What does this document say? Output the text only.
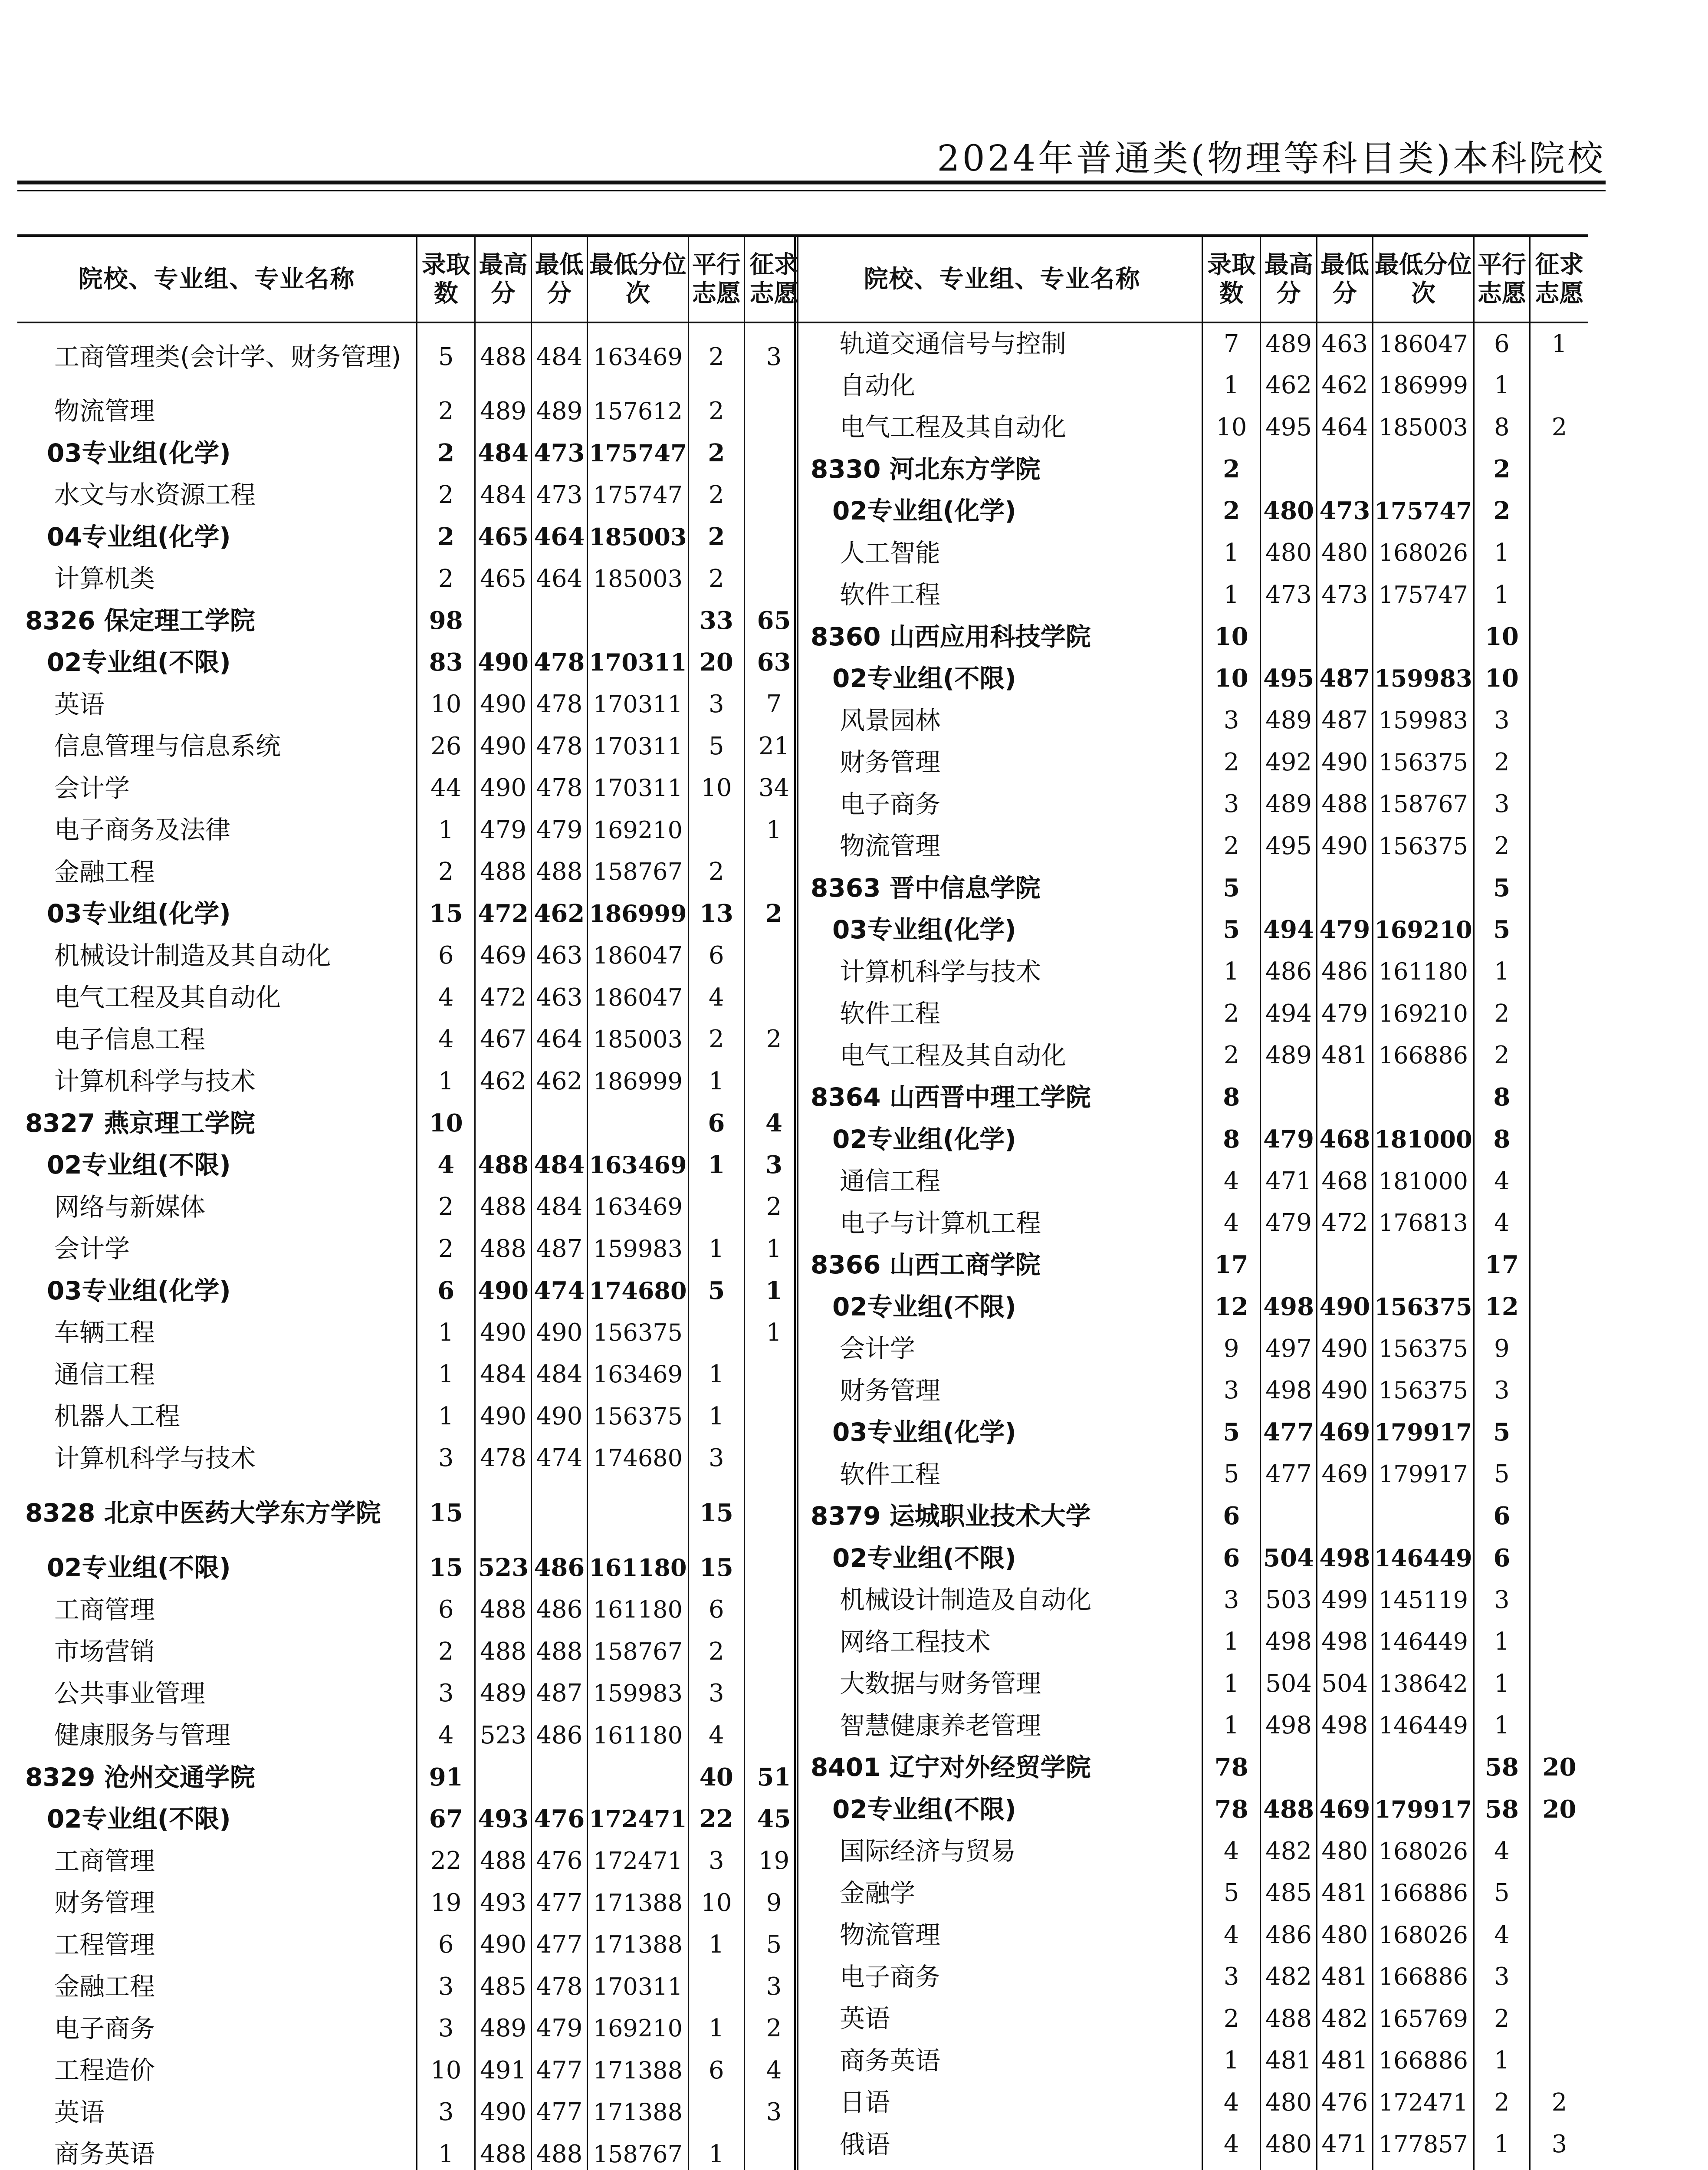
2024年普通类(物理等科目类)本科院校
院校、专业组、专业名称	录取数	最高分	最低分	最低分位次	平行志愿	征求志愿
工商管理类(会计学、财务管理)	5	488	484	163469	2	3
物流管理	2	489	489	157612	2	
03专业组(化学)	2	484	473	175747	2	
水文与水资源工程	2	484	473	175747	2	
04专业组(化学)	2	465	464	185003	2	
计算机类	2	465	464	185003	2	
8326 保定理工学院	98				33	65
02专业组(不限)	83	490	478	170311	20	63
英语	10	490	478	170311	3	7
信息管理与信息系统	26	490	478	170311	5	21
会计学	44	490	478	170311	10	34
电子商务及法律	1	479	479	169210		1
金融工程	2	488	488	158767	2	
03专业组(化学)	15	472	462	186999	13	2
机械设计制造及其自动化	6	469	463	186047	6	
电气工程及其自动化	4	472	463	186047	4	
电子信息工程	4	467	464	185003	2	2
计算机科学与技术	1	462	462	186999	1	
8327 燕京理工学院	10				6	4
02专业组(不限)	4	488	484	163469	1	3
网络与新媒体	2	488	484	163469		2
会计学	2	488	487	159983	1	1
03专业组(化学)	6	490	474	174680	5	1
车辆工程	1	490	490	156375		1
通信工程	1	484	484	163469	1	
机器人工程	1	490	490	156375	1	
计算机科学与技术	3	478	474	174680	3	
8328 北京中医药大学东方学院	15				15	
02专业组(不限)	15	523	486	161180	15	
工商管理	6	488	486	161180	6	
市场营销	2	488	488	158767	2	
公共事业管理	3	489	487	159983	3	
健康服务与管理	4	523	486	161180	4	
8329 沧州交通学院	91				40	51
02专业组(不限)	67	493	476	172471	22	45
工商管理	22	488	476	172471	3	19
财务管理	19	493	477	171388	10	9
工程管理	6	490	477	171388	1	5
金融工程	3	485	478	170311		3
电子商务	3	489	479	169210	1	2
工程造价	10	491	477	171388	6	4
英语	3	490	477	171388		3
商务英语	1	488	488	158767	1	

院校、专业组、专业名称	录取数	最高分	最低分	最低分位次	平行志愿	征求志愿
轨道交通信号与控制	7	489	463	186047	6	1
自动化	1	462	462	186999	1	
电气工程及其自动化	10	495	464	185003	8	2
8330 河北东方学院	2				2	
02专业组(化学)	2	480	473	175747	2	
人工智能	1	480	480	168026	1	
软件工程	1	473	473	175747	1	
8360 山西应用科技学院	10				10	
02专业组(不限)	10	495	487	159983	10	
风景园林	3	489	487	159983	3	
财务管理	2	492	490	156375	2	
电子商务	3	489	488	158767	3	
物流管理	2	495	490	156375	2	
8363 晋中信息学院	5				5	
03专业组(化学)	5	494	479	169210	5	
计算机科学与技术	1	486	486	161180	1	
软件工程	2	494	479	169210	2	
电气工程及其自动化	2	489	481	166886	2	
8364 山西晋中理工学院	8				8	
02专业组(化学)	8	479	468	181000	8	
通信工程	4	471	468	181000	4	
电子与计算机工程	4	479	472	176813	4	
8366 山西工商学院	17				17	
02专业组(不限)	12	498	490	156375	12	
会计学	9	497	490	156375	9	
财务管理	3	498	490	156375	3	
03专业组(化学)	5	477	469	179917	5	
软件工程	5	477	469	179917	5	
8379 运城职业技术大学	6				6	
02专业组(不限)	6	504	498	146449	6	
机械设计制造及自动化	3	503	499	145119	3	
网络工程技术	1	498	498	146449	1	
大数据与财务管理	1	504	504	138642	1	
智慧健康养老管理	1	498	498	146449	1	
8401 辽宁对外经贸学院	78				58	20
02专业组(不限)	78	488	469	179917	58	20
国际经济与贸易	4	482	480	168026	4	
金融学	5	485	481	166886	5	
物流管理	4	486	480	168026	4	
电子商务	3	482	481	166886	3	
英语	2	488	482	165769	2	
商务英语	1	481	481	166886	1	
日语	4	480	476	172471	2	2
俄语	4	480	471	177857	1	3
